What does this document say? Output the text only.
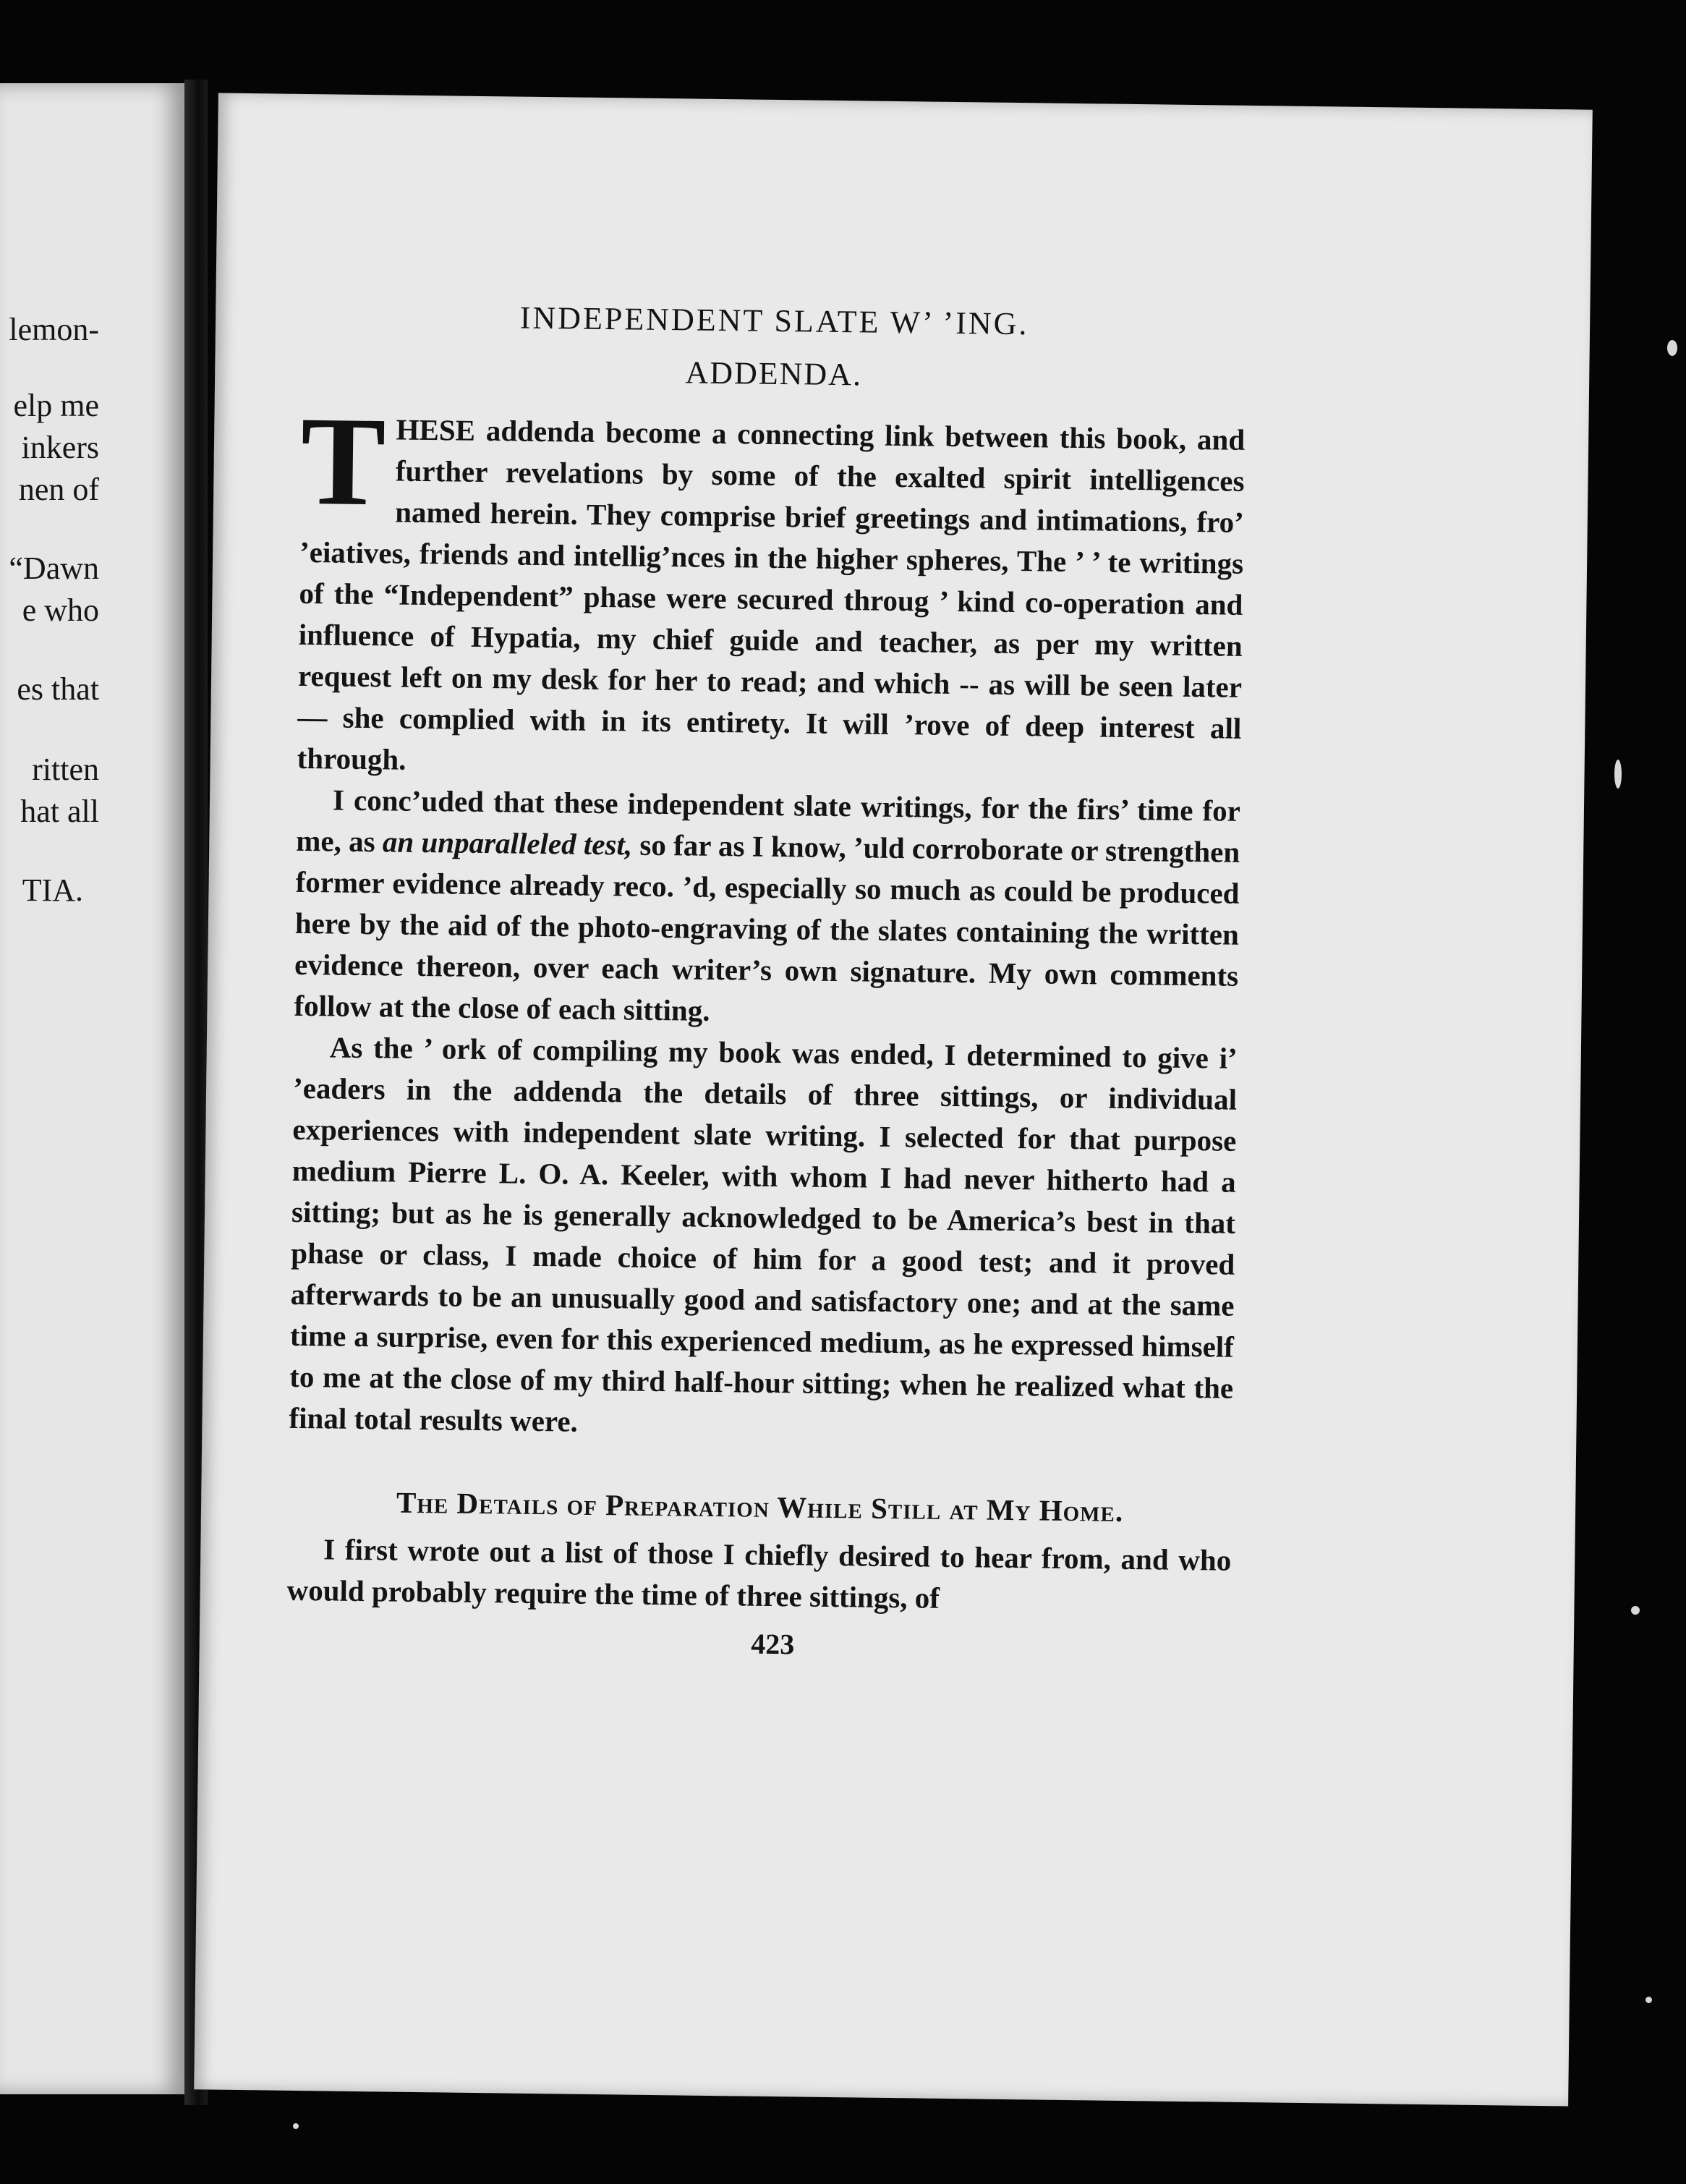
lemon-
elp me
inkers
nen of
“Dawn
e who
es that
ritten
hat all
TIA.
INDEPENDENT SLATE W’ ’ING.
ADDENDA.

THESE addenda become a connecting link between this book, and further revelations by some of the exalted spirit intelligences named herein. They comprise brief greetings and intimations, fro’ ’eiatives, friends and intellig’nces in the higher spheres, The ’ ’ te writings of the “Independent” phase were secured throug ’ kind co-operation and influence of Hypatia, my chief guide and teacher, as per my written request left on my desk for her to read; and which -- as will be seen later — she complied with in its entirety. It will ’rove of deep interest all through.

I conc’uded that these independent slate writings, for the firs’ time for me, as an unparalleled test, so far as I know, ’uld corroborate or strengthen former evidence already reco. ’d, especially so much as could be produced here by the aid of the photo-engraving of the slates containing the written evidence thereon, over each writer’s own signature. My own comments follow at the close of each sitting.

As the ’ ork of compiling my book was ended, I determined to give i’ ’eaders in the addenda the details of three sittings, or individual experiences with independent slate writing. I selected for that purpose medium Pierre L. O. A. Keeler, with whom I had never hitherto had a sitting; but as he is generally acknowledged to be America’s best in that phase or class, I made choice of him for a good test; and it proved afterwards to be an unusually good and satisfactory one; and at the same time a surprise, even for this experienced medium, as he expressed himself to me at the close of my third half-hour sitting; when he realized what the final total results were.

The Details of Preparation While Still at My Home.

I first wrote out a list of those I chiefly desired to hear from, and who would probably require the time of three sittings, of

423
